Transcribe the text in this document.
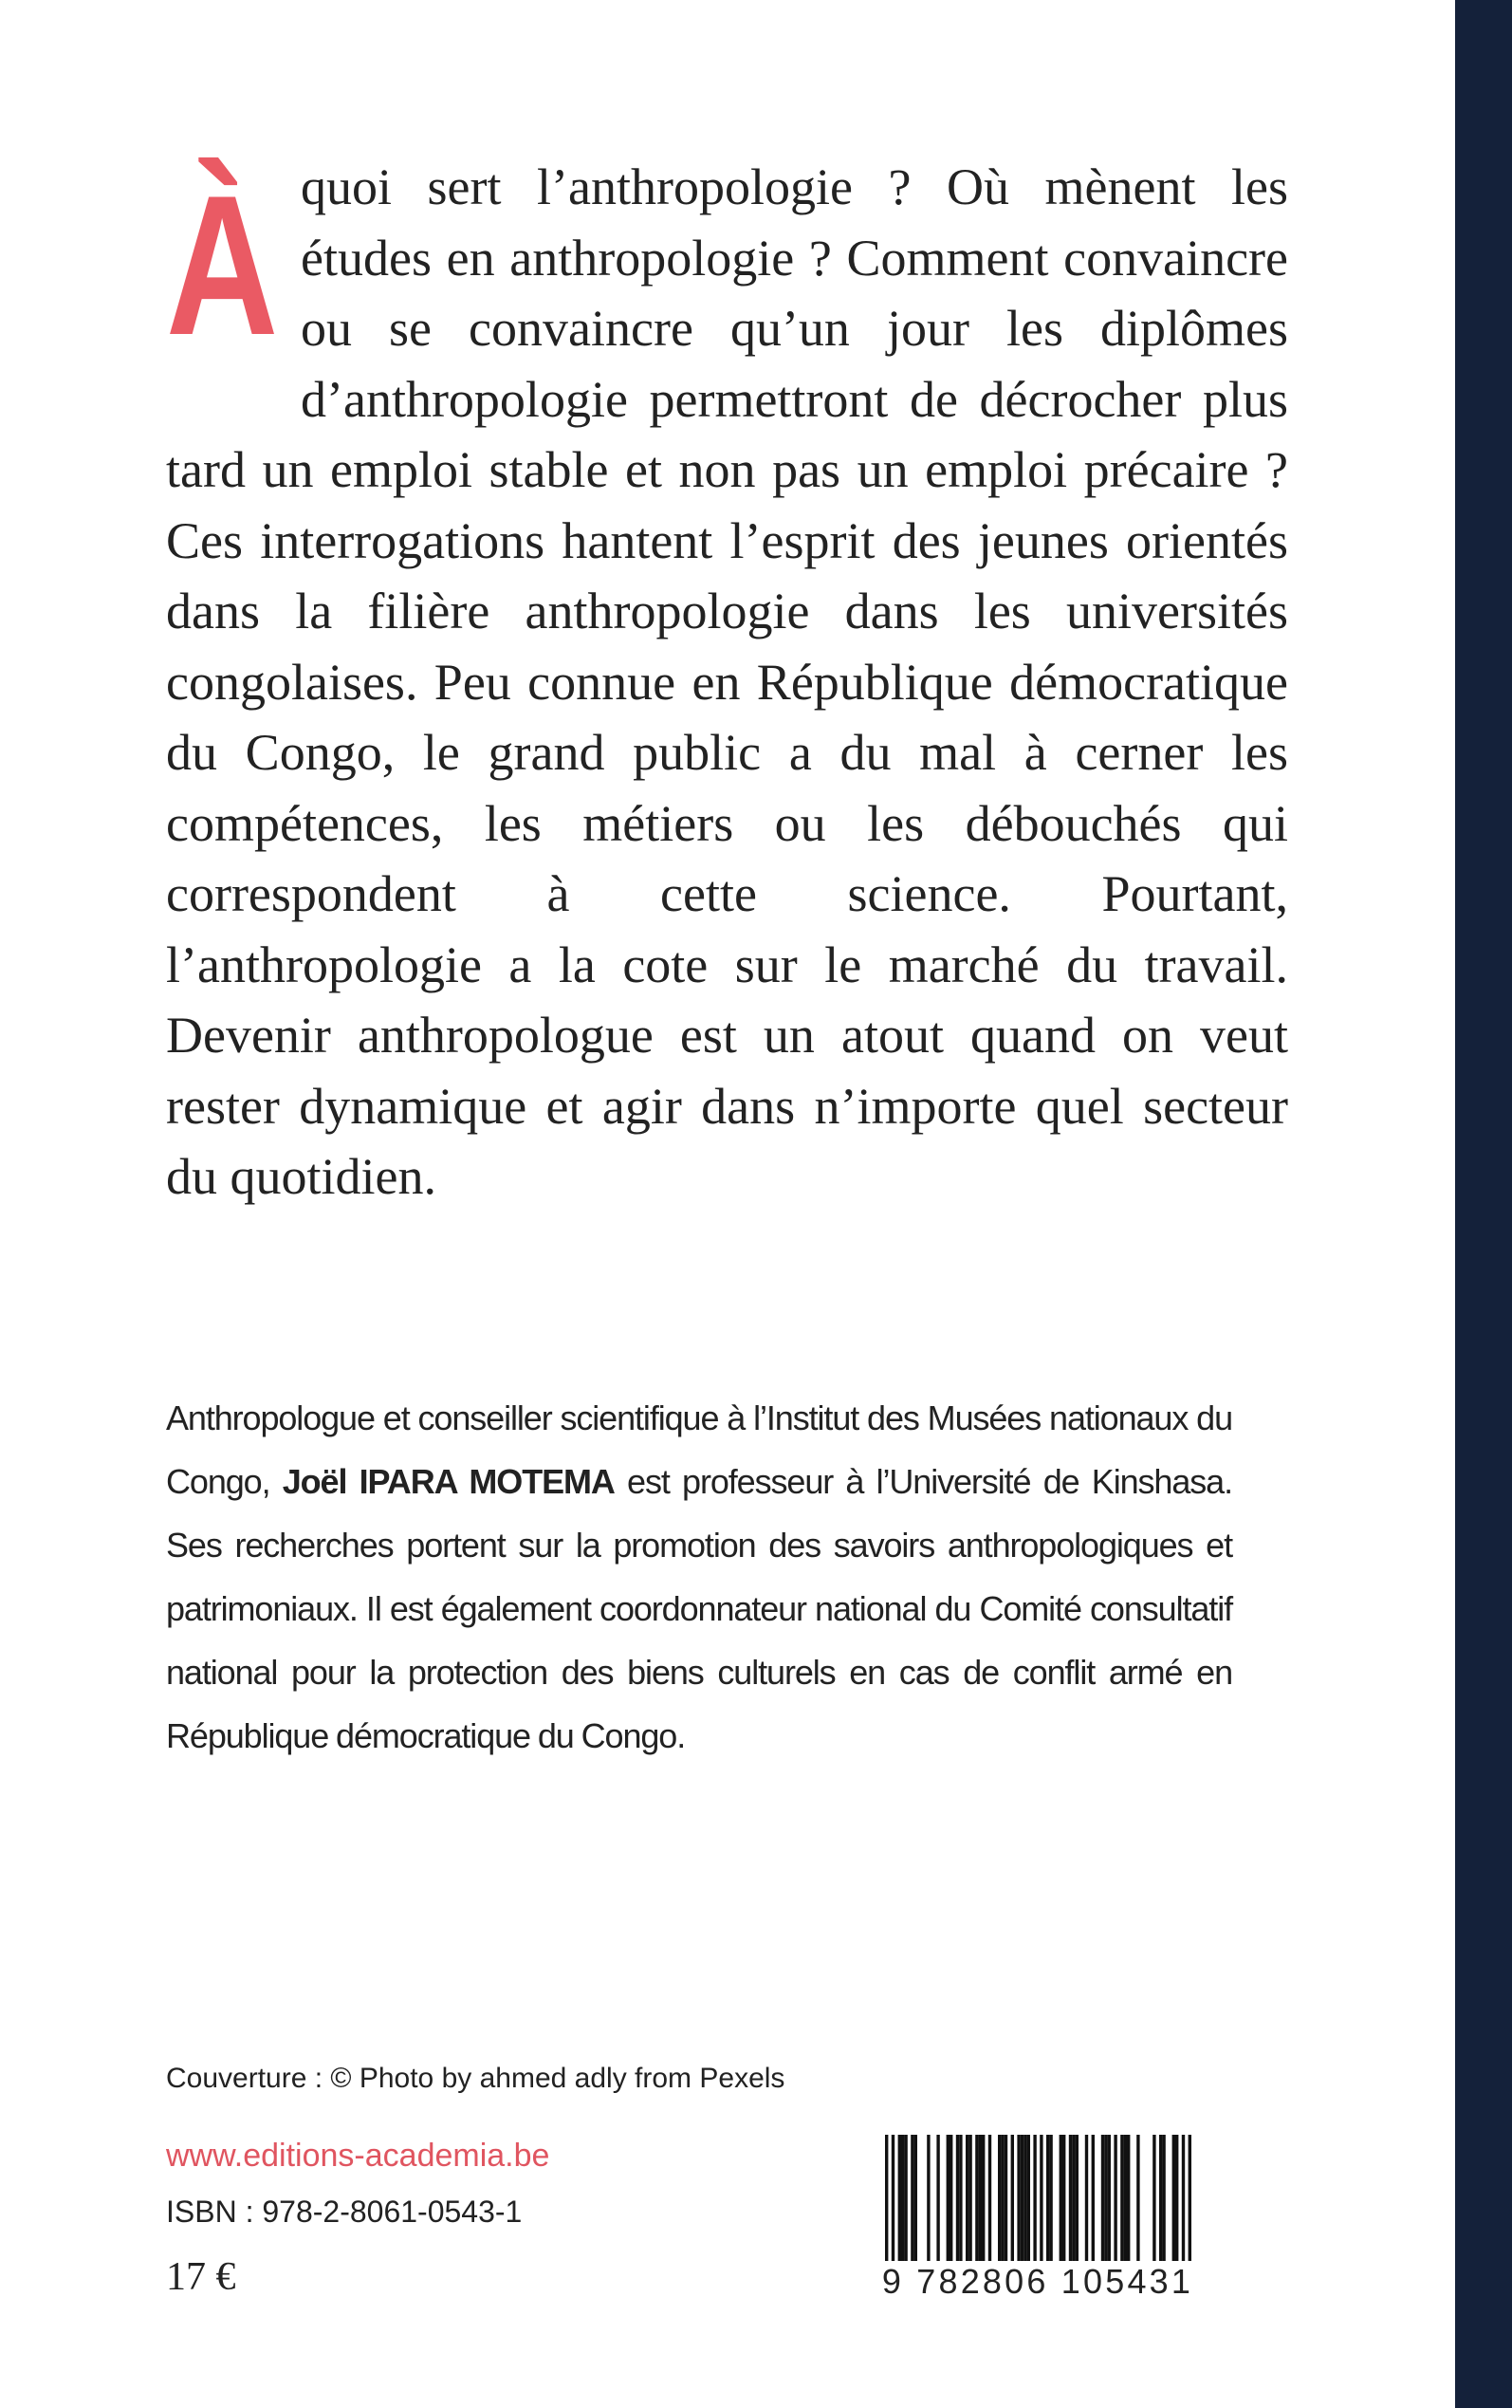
Àquoi sert l’anthropologie ? Où mènent les études en anthropologie ? Comment convaincre ou se convaincre qu’un jour les diplômes d’anthropologie permettront de décrocher plus tard un emploi stable et non pas un emploi précaire ? Ces interrogations hantent l’esprit des jeunes orientés dans la filière anthropologie dans les universités congolaises. Peu connue en République démocratique du Congo, le grand public a du mal à cerner les compétences, les métiers ou les débouchés qui correspondent à cette science. Pourtant, l’anthropologie a la cote sur le marché du travail. Devenir anthropologue est un atout quand on veut rester dynamique et agir dans n’importe quel secteur du quotidien.

Anthropologue et conseiller scientifique à l’Institut des Musées nationaux du Congo, Joël IPARA MOTEMA est professeur à l’Université de Kinshasa. Ses recherches portent sur la promotion des savoirs anthropologiques et patrimoniaux. Il est également coordonnateur national du Comité consultatif national pour la protection des biens culturels en cas de conflit armé en République démocratique du Congo.

Couverture : © Photo by ahmed adly from Pexels
www.editions-academia.be
ISBN : 978-2-8061-0543-1
17 €	9 782806 105431
